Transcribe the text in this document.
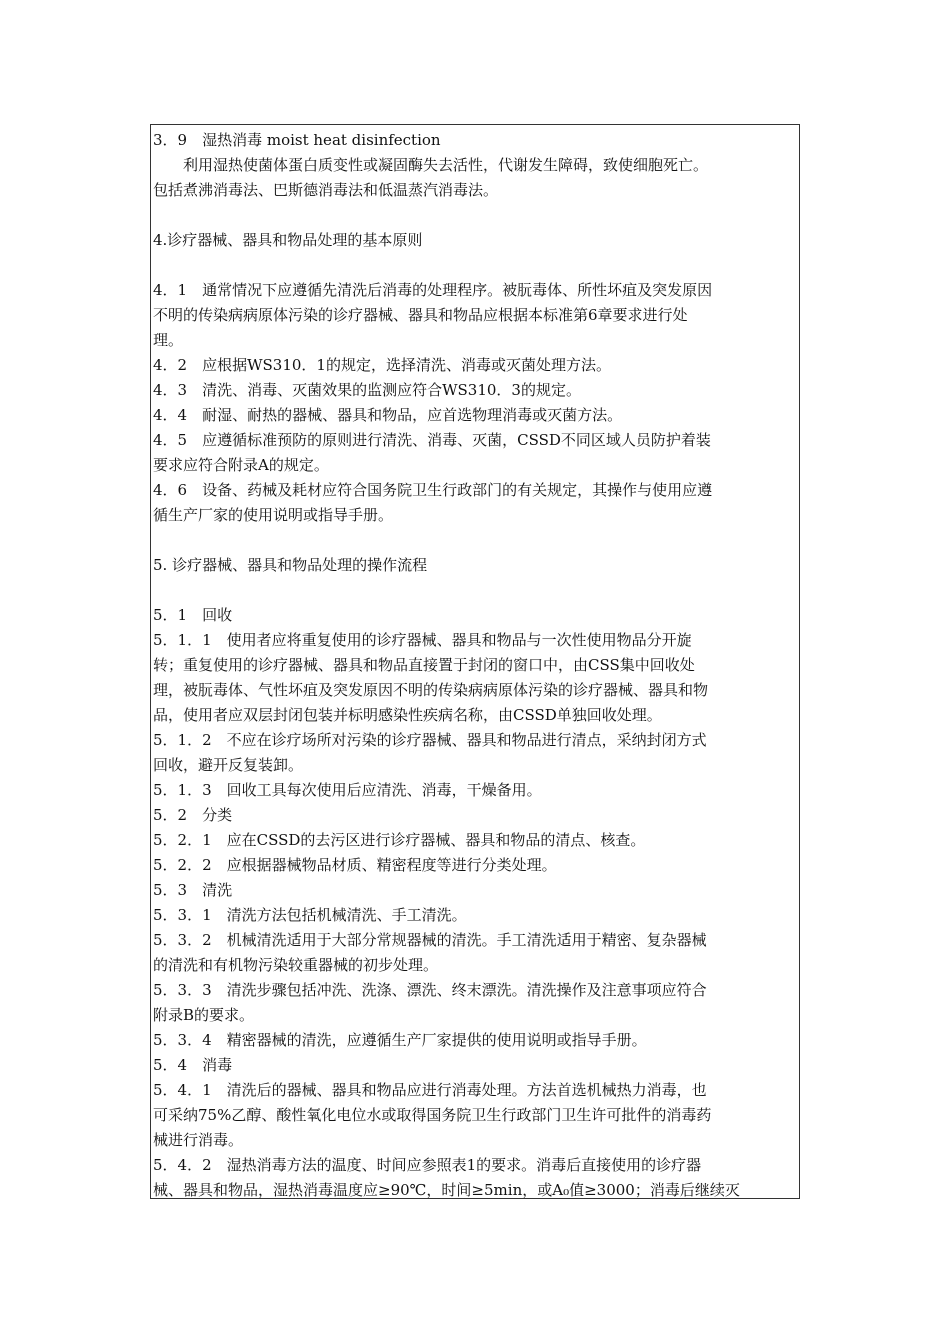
3．9　湿热消毒 moist heat disinfection
　　利用湿热使菌体蛋白质变性或凝固酶失去活性，代谢发生障碍，致使细胞死亡。
包括煮沸消毒法、巴斯德消毒法和低温蒸汽消毒法。
4.诊疗器械、器具和物品处理的基本原则
4．1　通常情况下应遵循先清洗后消毒的处理程序。被朊毒体、所性坏疽及突发原因
不明的传染病病原体污染的诊疗器械、器具和物品应根据本标准第6章要求进行处
理。
4．2　应根据WS310．1的规定，选择清洗、消毒或灭菌处理方法。
4．3　清洗、消毒、灭菌效果的监测应符合WS310．3的规定。
4．4　耐湿、耐热的器械、器具和物品，应首选物理消毒或灭菌方法。
4．5　应遵循标准预防的原则进行清洗、消毒、灭菌，CSSD不同区域人员防护着装
要求应符合附录A的规定。
4．6　设备、药械及耗材应符合国务院卫生行政部门的有关规定，其操作与使用应遵
循生产厂家的使用说明或指导手册。
5. 诊疗器械、器具和物品处理的操作流程
5．1　回收
5．1．1　使用者应将重复使用的诊疗器械、器具和物品与一次性使用物品分开旋
转；重复使用的诊疗器械、器具和物品直接置于封闭的窗口中，由CSS集中回收处
理，被朊毒体、气性坏疽及突发原因不明的传染病病原体污染的诊疗器械、器具和物
品，使用者应双层封闭包装并标明感染性疾病名称，由CSSD单独回收处理。
5．1．2　不应在诊疗场所对污染的诊疗器械、器具和物品进行清点，采纳封闭方式
回收，避开反复装卸。
5．1．3　回收工具每次使用后应清洗、消毒，干燥备用。
5．2　分类
5．2．1　应在CSSD的去污区进行诊疗器械、器具和物品的清点、核查。
5．2．2　应根据器械物品材质、精密程度等进行分类处理。
5．3　清洗
5．3．1　清洗方法包括机械清洗、手工清洗。
5．3．2　机械清洗适用于大部分常规器械的清洗。手工清洗适用于精密、复杂器械
的清洗和有机物污染较重器械的初步处理。
5．3．3　清洗步骤包括冲洗、洗涤、漂洗、终末漂洗。清洗操作及注意事项应符合
附录B的要求。
5．3．4　精密器械的清洗，应遵循生产厂家提供的使用说明或指导手册。
5．4　消毒
5．4．1　清洗后的器械、器具和物品应进行消毒处理。方法首选机械热力消毒，也
可采纳75%乙醇、酸性氧化电位水或取得国务院卫生行政部门卫生许可批件的消毒药
械进行消毒。
5．4．2　湿热消毒方法的温度、时间应参照表1的要求。消毒后直接使用的诊疗器
械、器具和物品，湿热消毒温度应≥90℃，时间≥5min，或A₀值≥3000；消毒后继续灭
